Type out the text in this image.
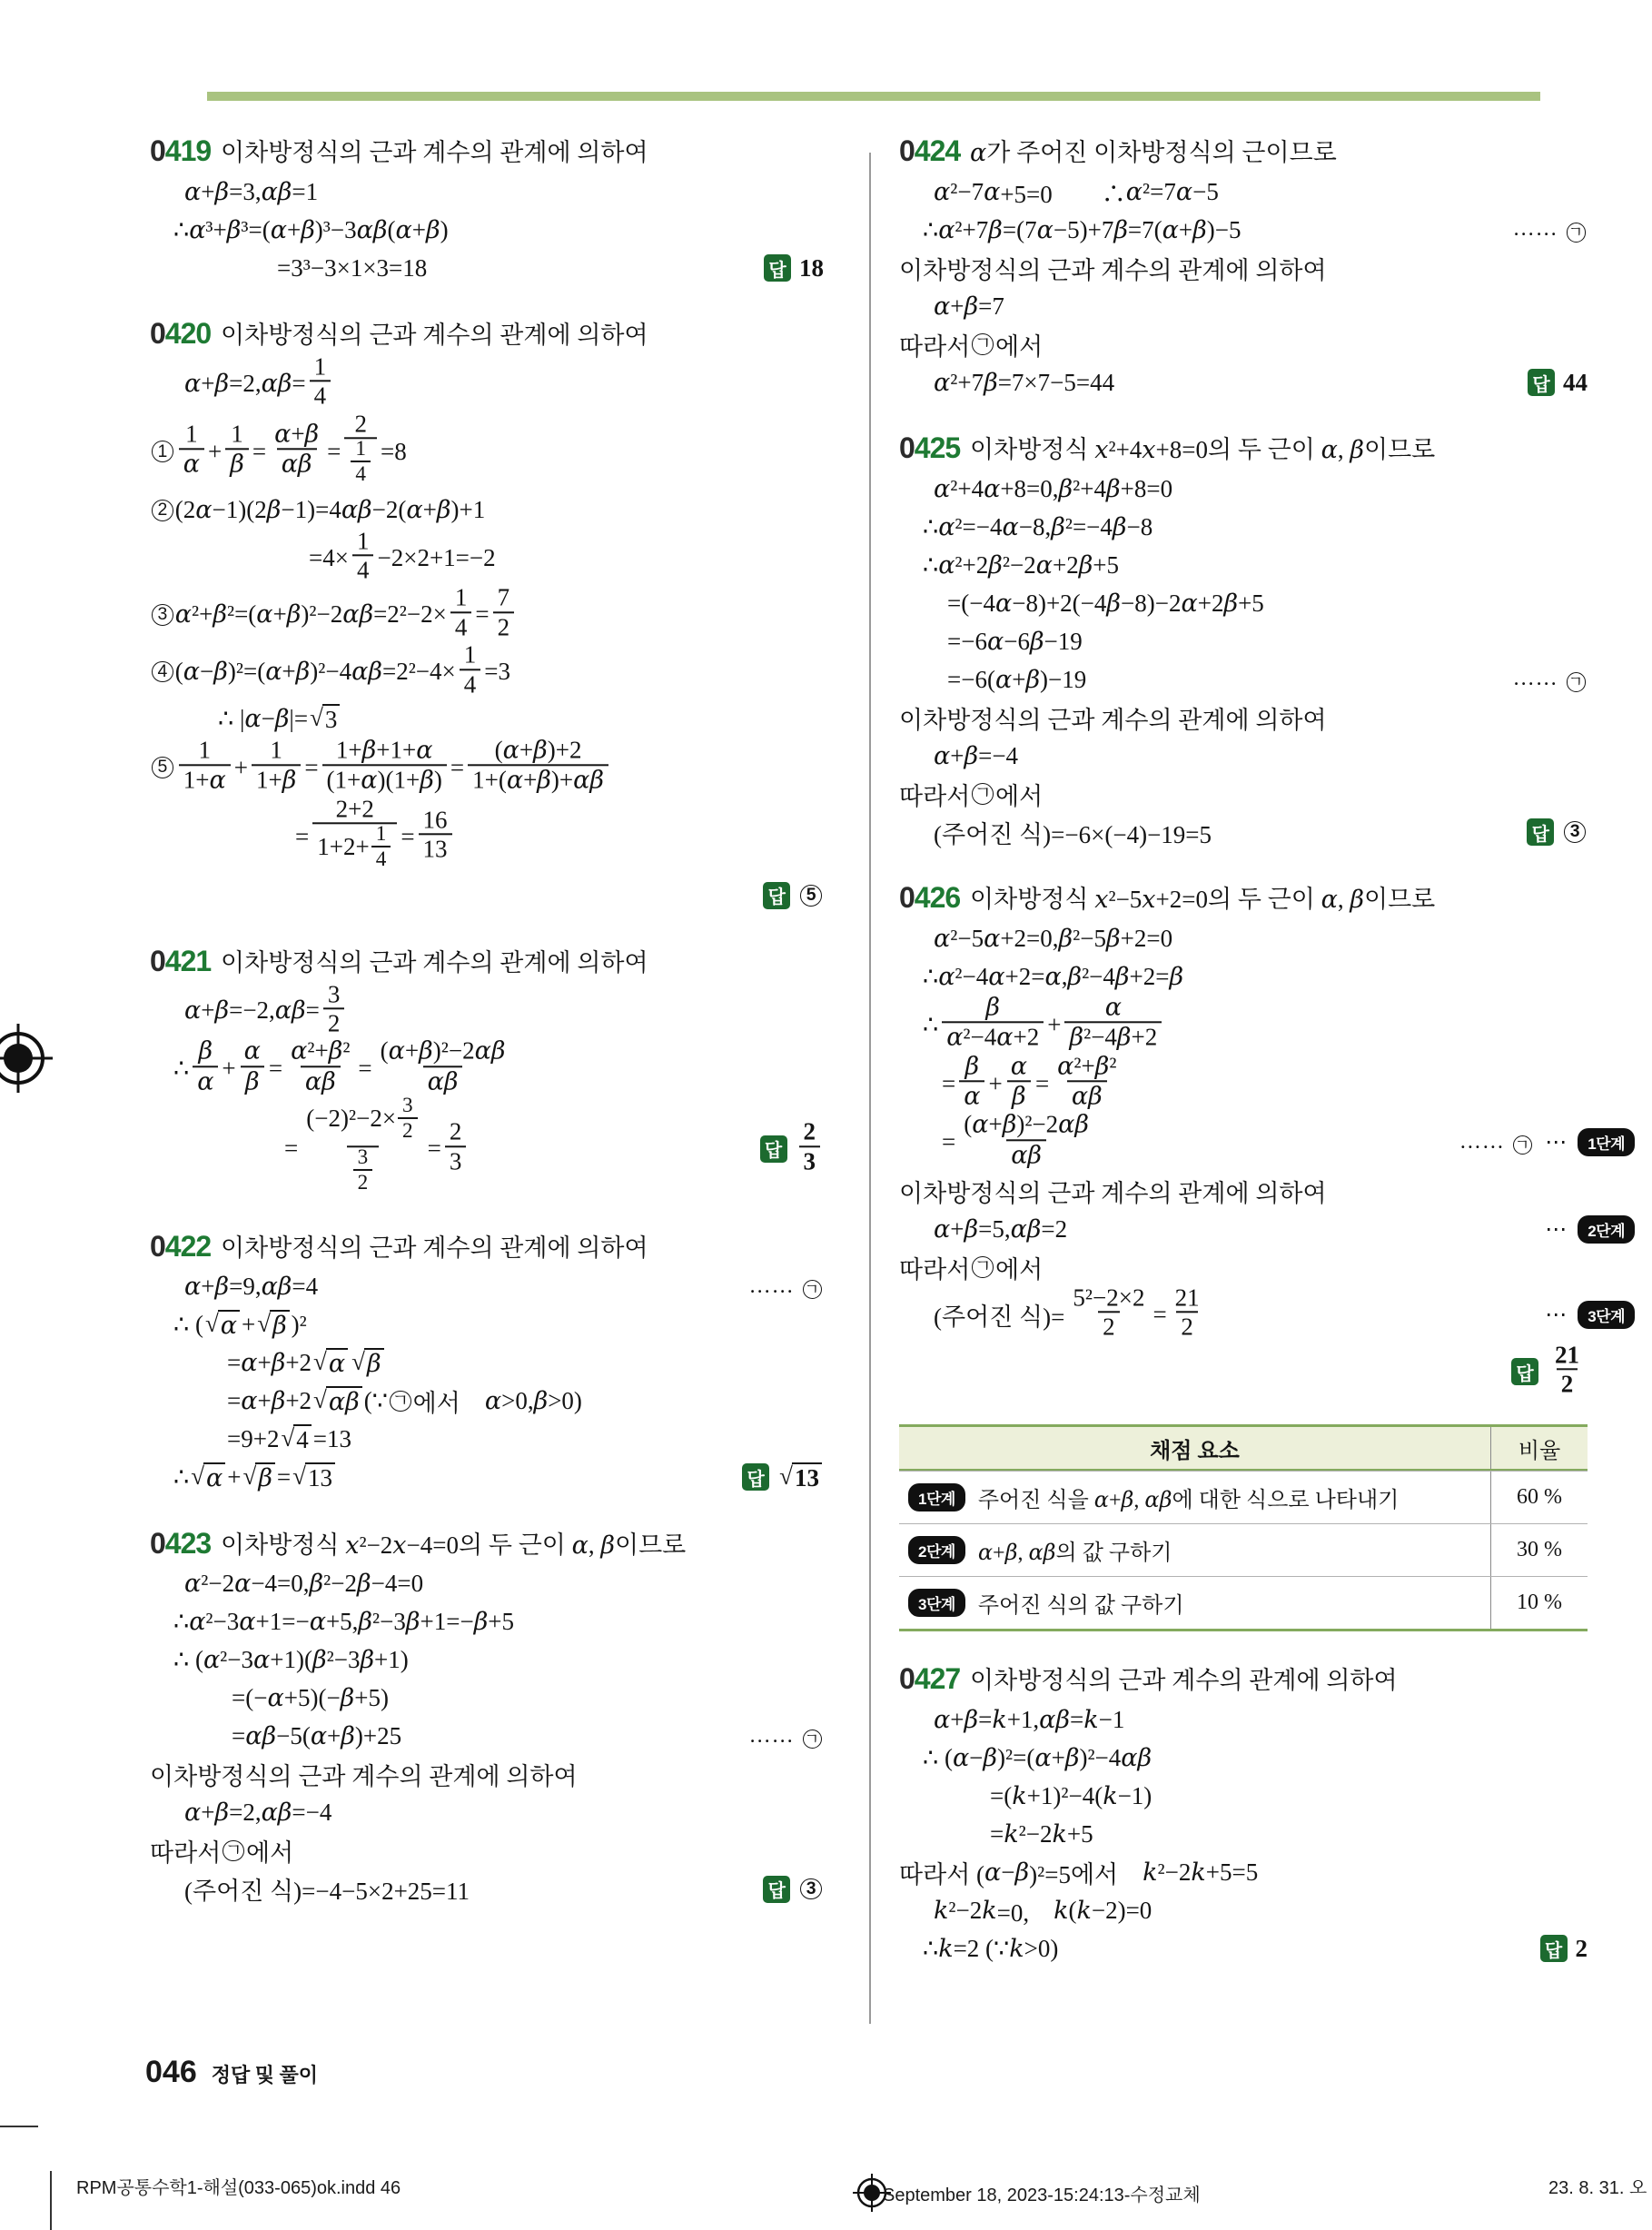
0419 이차방정식의 근과 계수의 관계에 의하여
α + β =3, α β =1
∴ α ³+ β ³=( α + β )³−3 α β ( α + β )
=3³−3×1×3=18	답 18
0420 이차방정식의 근과 계수의 관계에 의하여
α + β =2, α $\beta = \frac{1}{4}$
$1 \frac{1}{\alpha} + \frac{1}{\beta} = \frac{\alpha+\beta}{\alpha\beta} = \frac{2}{\frac{1}{4}} =8$
2 (2 α −1)(2 β −1)=4 α β −2( α + β )+1
$=4\times \frac{1}{4} -2\times 2+1=-2$
3 α ²+ β ²=( α + β )²−2 α $\beta =2^2-2\times \frac{1}{4} = \frac{7}{2}$
4 ( α − β )²=( α + β )²−4 α $\beta =2^2-4\times \frac{1}{4} =3$
∴ | α − β |= √ 3
$5 \frac{1}{1+\alpha} + \frac{1}{1+\beta} = \frac{1+\beta+1+\alpha}{(1+\alpha)(1+\beta)} = \frac{(\alpha+\beta)+2}{1+(\alpha+\beta)+\alpha\beta}$
= $\frac{2+2}{1+2+ \frac{1}{4}} = \frac{16}{13}$
답	5
0421 이차방정식의 근과 계수의 관계에 의하여
α + β =−2, α $\beta = \frac{3}{2}$
∴ $\frac{\beta}{\alpha} + \frac{\alpha}{\beta} = \frac{\text{α²+β²}}{\alpha\beta} = \frac{\text{(α+β)²−2αβ}}{\alpha\beta}$
= $\frac{(-2)^2-2\times \frac{3}{2}}{\frac{3}{2}} = \frac{2}{3}$	답 $\frac{2}{3}$
0422 이차방정식의 근과 계수의 관계에 의하여
α + β =9, α β =4	…… ㄱ
∴ ( √ α + √ β )²
= α + β +2 √ α √ β
= α + β +2 √ αβ (∵ ㄱ 에서　 α >0, β >0)
=9+2 √ 4 =13
∴ √ α + √ β = √ 13	답 √ 13
0423 이차방정식 x²−2x−4=0의 두 근이 α, β이므로
α ²−2 α −4=0, β ²−2 β −4=0
∴ α ²−3 α +1=− α +5, β ²−3 β +1=− β +5
∴ ( α ²−3 α +1)( β ²−3 β +1)
=(− α +5)(− β +5)
= α β −5( α + β )+25	…… ㄱ
이차방정식의 근과 계수의 관계에 의하여
α + β =2, α β =−4
따라서 ㄱ 에서
(주어진 식)=−4−5×2+25=11	답	3
0424 α가 주어진 이차방정식의 근이므로
α ²−7 α +5=0　　 ∴ α ²=7 α −5
∴ α ²+7 β =(7 α −5)+7 β =7( α + β )−5	…… ㄱ
이차방정식의 근과 계수의 관계에 의하여
α + β =7
따라서 ㄱ 에서
α ²+7 β =7×7−5=44	답 44
0425 이차방정식 x²+4x+8=0의 두 근이 α, β이므로
α ²+4 α +8=0, β ²+4 β +8=0
∴ α ²=−4 α −8, β ²=−4 β −8
∴ α ²+2 β ²−2 α +2 β +5
=(−4 α −8)+2(−4 β −8)−2 α +2 β +5
=−6 α −6 β −19
=−6( α + β )−19	…… ㄱ
이차방정식의 근과 계수의 관계에 의하여
α + β =−4
따라서 ㄱ 에서
(주어진 식)=−6×(−4)−19=5	답	3
0426 이차방정식 x²−5x+2=0의 두 근이 α, β이므로
α ²−5 α +2=0, β ²−5 β +2=0
∴ α ²−4 α +2= α , β ²−4 β +2= β
∴ $\frac{\beta}{\text{α²−4α+2}} + \frac{\alpha}{\text{β²−4β+2}}$
= $\frac{\beta}{\alpha} + \frac{\alpha}{\beta} = \frac{\text{α²+β²}}{\alpha\beta}$
= $\frac{\text{(α+β)²−2αβ}}{\alpha\beta}$	…… ㄱ ⋯	1단계
이차방정식의 근과 계수의 관계에 의하여
α + β =5, α β =2	⋯	2단계
따라서 ㄱ 에서
(주어진 식)= $\frac{\text{5²−2×2}}{2} = \frac{21}{2}$	⋯	3단계
답 $\frac{21}{2}$
채점 요소	비율
1단계	주어진 식을 α+β, αβ에 대한 식으로 나타내기	60 %
2단계	α+β, αβ의 값 구하기	30 %
3단계	주어진 식의 값 구하기	10 %
0427 이차방정식의 근과 계수의 관계에 의하여
α + β = k +1, α β = k −1
∴ ( α − β )²=( α + β )²−4 α β
=( k +1)²−4( k −1)
= k ²−2 k +5
따라서 ( α − β )²=5에서　 k ²−2 k +5=5
k ²−2 k =0,　 k ( k −2)=0
∴ k =2 (∵ k >0)	답 2
046 정답 및 풀이
RPM공통수학1-해설(033-065)ok.indd 46	September 18, 2023-15:24:13-수정교체	23. 8. 31. 오
